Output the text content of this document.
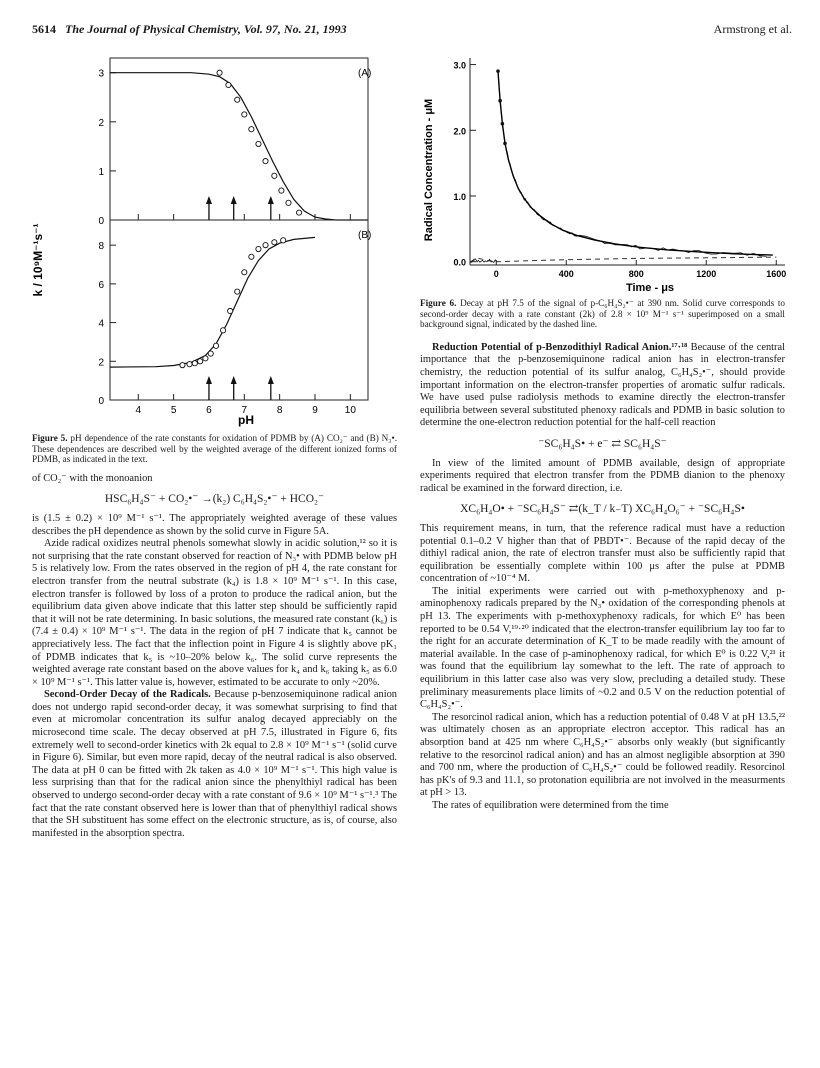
5614 The Journal of Physical Chemistry, Vol. 97, No. 21, 1993	Armstrong et al.
3
2
1
0
8
6
4
2
0
4	5	6	7	8	9	10
(A)
(B)
k / 10⁹M⁻¹s⁻¹
pH
Figure 5. pH dependence of the rate constants for oxidation of PDMB by (A) CO₂⁻ and (B) N₃•. These dependences are described well by the weighted average of the different ionized forms of PDMB, as indicated in the text.

of CO₂⁻ with the monoanion

HSC₆H₄S⁻ + CO₂•⁻ →(k₂) C₆H₄S₂•⁻ + HCO₂⁻

is (1.5 ± 0.2) × 10⁹ M⁻¹ s⁻¹. The appropriately weighted average of these values describes the pH dependence as shown by the solid curve in Figure 5A.

Azide radical oxidizes neutral phenols somewhat slowly in acidic solution,¹² so it is not surprising that the rate constant observed for reaction of N₃• with PDMB below pH 5 is relatively low. From the rates observed in the region of pH 4, the rate constant for electron transfer from the neutral substrate (k₄) is 1.8 × 10⁹ M⁻¹ s⁻¹. In this case, electron transfer is followed by loss of a proton to produce the radical anion, but the equilibrium data given above indicate that this latter step should be sufficiently rapid that it will not be rate determining. In basic solutions, the measured rate constant (k₆) is (7.4 ± 0.4) × 10⁹ M⁻¹ s⁻¹. The data in the region of pH 7 indicate that k₅ cannot be appreciatively less. The fact that the inflection point in Figure 4 is slightly above pK₁ of PDMB indicates that k₅ is ~10–20% below k₆. The solid curve represents the weighted average rate constant based on the above values for k₄ and k₆ taking k₅ as 6.0 × 10⁹ M⁻¹ s⁻¹. This latter value is, however, estimated to be accurate to only ~20%.

Second-Order Decay of the Radicals. Because p-benzosemiquinone radical anion does not undergo rapid second-order decay, it was somewhat surprising to find that even at micromolar concentration its sulfur analog decayed appreciably on the microsecond time scale. The decay observed at pH 7.5, illustrated in Figure 6, fits extremely well to second-order kinetics with 2k equal to 2.8 × 10⁹ M⁻¹ s⁻¹ (solid curve in Figure 6). Similar, but even more rapid, decay of the neutral radical is also observed. The data at pH 0 can be fitted with 2k taken as 4.0 × 10⁹ M⁻¹ s⁻¹. This high value is less surprising than that for the radical anion since the phenylthiyl radical has been observed to undergo second-order decay with a rate constant of 9.6 × 10⁹ M⁻¹ s⁻¹.³ The fact that the rate constant observed here is lower than that of phenylthiyl radical shows that the SH substituent has some effect on the electronic structure, as is, of course, also manifested in the absorption spectra.

0.0
1.0
2.0
3.0
0	400	800	1200	1600
Radical Concentration - μM
Time - μs
Figure 6. Decay at pH 7.5 of the signal of p-C₆H₄S₂•⁻ at 390 nm. Solid curve corresponds to second-order decay with a rate constant (2k) of 2.8 × 10⁹ M⁻¹ s⁻¹ superimposed on a small background signal, indicated by the dashed line.

Reduction Potential of p-Benzodithiyl Radical Anion.¹⁷·¹⁸ Because of the central importance that the p-benzosemiquinone radical anion has in electron-transfer chemistry, the reduction potential of its sulfur analog, C₆H₄S₂•⁻, should provide important information on the electron-transfer properties of aromatic sulfur radicals. We have used pulse radiolysis methods to examine directly the electron-transfer equilibria between several substituted phenoxy radicals and PDMB in basic solution to determine the one-electron reduction potential for the half-cell reaction

⁻SC₆H₄S• + e⁻ ⇄ SC₆H₄S⁻

In view of the limited amount of PDMB available, design of appropriate experiments required that electron transfer from the PDMB dianion to the phenoxy radical be examined in the forward direction, i.e.

XC₆H₄O• + ⁻SC₆H₄S⁻ ⇄(k_T / k₋T) XC₆H₄O₆⁻ + ⁻SC₆H₄S•

This requirement means, in turn, that the reference radical must have a reduction potential 0.1–0.2 V higher than that of PBDT•⁻. Because of the rapid decay of the dithiyl radical anion, the rate of electron transfer must also be sufficiently rapid that equilibration be essentially complete within 100 μs after the pulse at PDMB concentration of ~10⁻⁴ M.

The initial experiments were carried out with p-methoxyphenoxy and p-aminophenoxy radicals prepared by the N₃• oxidation of the corresponding phenols at pH 13. The experiments with p-methoxyphenoxy radicals, for which E⁰ has been reported to be 0.54 V,¹⁹·²⁰ indicated that the electron-transfer equilibrium lay too far to the right for an accurate determination of K_T to be made readily with the amount of material available. In the case of p-aminophenoxy radical, for which E⁰ is 0.22 V,²¹ it was found that the equilibrium lay somewhat to the left. The rate of approach to equilibrium in this latter case also was very slow, precluding a detailed study. These preliminary measurements place limits of ~0.2 and 0.5 V on the reduction potential of C₆H₄S₂•⁻.

The resorcinol radical anion, which has a reduction potential of 0.48 V at pH 13.5,²² was ultimately chosen as an appropriate electron acceptor. This radical has an absorption band at 425 nm where C₆H₄S₂•⁻ absorbs only weakly (but significantly relative to the resorcinol radical anion) and has an almost negligible absorption at 390 and 700 nm, where the production of C₆H₄S₂•⁻ could be followed readily. Resorcinol has pK's of 9.3 and 11.1, so protonation equilibria are not involved in the measurments at pH > 13.

The rates of equilibration were determined from the time
